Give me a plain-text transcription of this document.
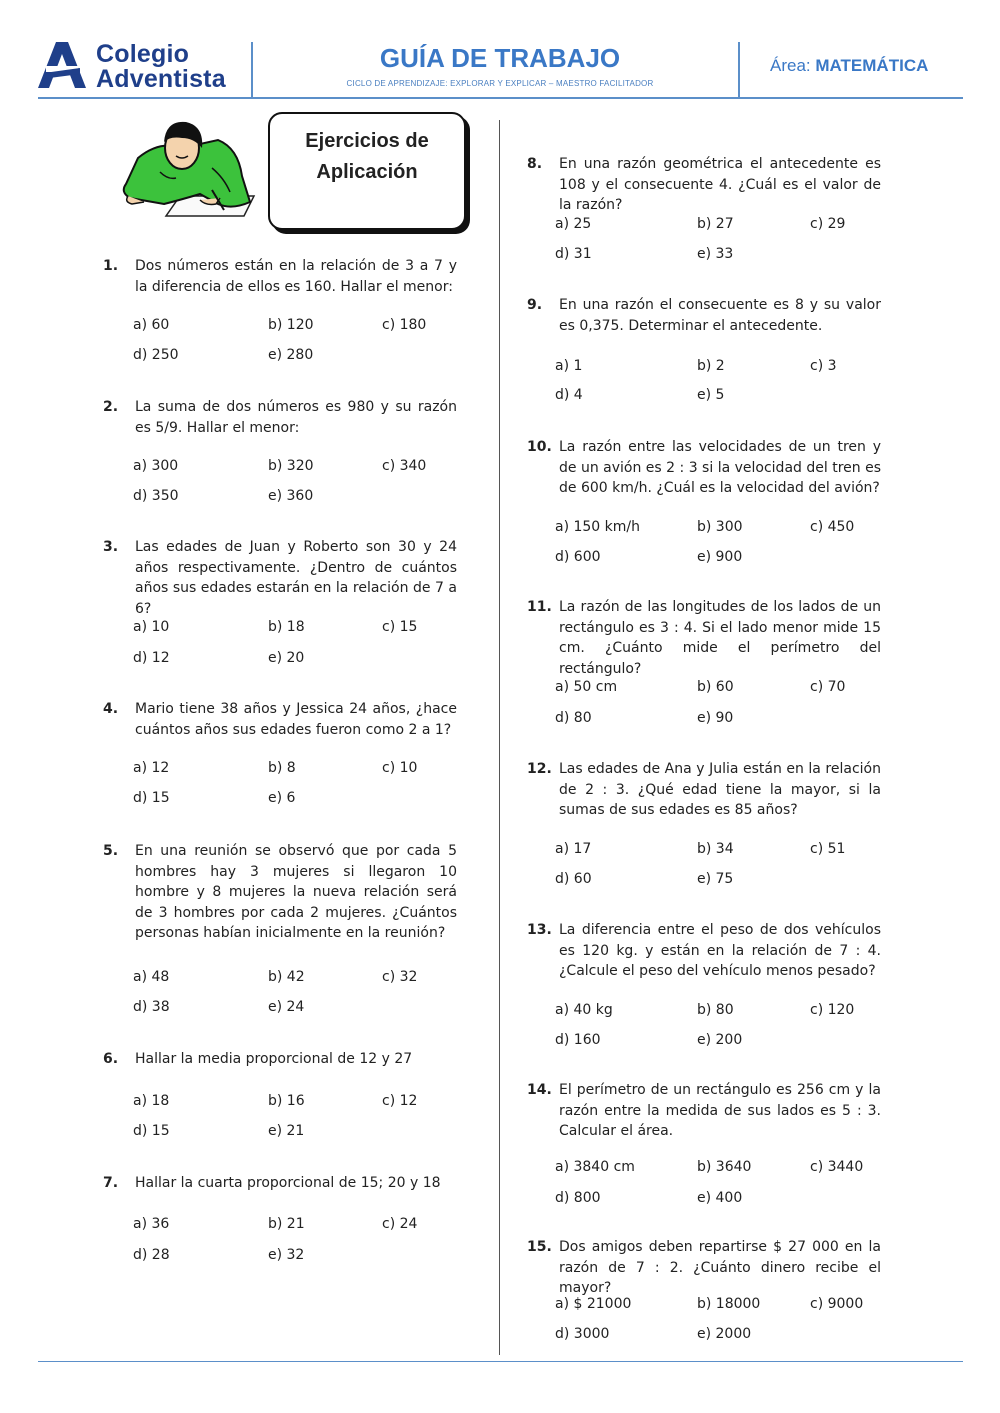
Colegio
Adventista
GUÍA DE TRABAJO
CICLO DE APRENDIZAJE: EXPLORAR Y EXPLICAR – MAESTRO FACILITADOR
Área: MATEMÁTICA
Ejercicios de
Aplicación
1. Dos números están en la relación de 3 a 7 y la diferencia de ellos es 160. Hallar el menor:
a) 60	b) 120	c) 180
d) 250	e) 280
2. La suma de dos números es 980 y su razón es 5/9. Hallar el menor:
a) 300	b) 320	c) 340
d) 350	e) 360
3. Las edades de Juan y Roberto son 30 y 24 años respectivamente. ¿Dentro de cuántos años sus edades estarán en la relación de 7 a 6?
a) 10	b) 18	c) 15
d) 12	e) 20
4. Mario tiene 38 años y Jessica 24 años, ¿hace cuántos años sus edades fueron como 2 a 1?
a) 12	b) 8	c) 10
d) 15	e) 6
5. En una reunión se observó que por cada 5 hombres hay 3 mujeres si llegaron 10 hombre y 8 mujeres la nueva relación será de 3 hombres por cada 2 mujeres. ¿Cuántos personas habían inicialmente en la reunión?
a) 48	b) 42	c) 32
d) 38	e) 24
6. Hallar la media proporcional de 12 y 27
a) 18	b) 16	c) 12
d) 15	e) 21
7. Hallar la cuarta proporcional de 15; 20 y 18
a) 36	b) 21	c) 24
d) 28	e) 32
8. En una razón geométrica el antecedente es 108 y el consecuente 4. ¿Cuál es el valor de la razón?
a) 25	b) 27	c) 29
d) 31	e) 33
9. En una razón el consecuente es 8 y su valor es 0,375. Determinar el antecedente.
a) 1	b) 2	c) 3
d) 4	e) 5
10. La razón entre las velocidades de un tren y de un avión es 2 : 3 si la velocidad del tren es de 600 km/h. ¿Cuál es la velocidad del avión?
a) 150 km/h	b) 300	c) 450
d) 600	e) 900
11. La razón de las longitudes de los lados de un rectángulo es 3 : 4. Si el lado menor mide 15 cm. ¿Cuánto mide el perímetro del rectángulo?
a) 50 cm	b) 60	c) 70
d) 80	e) 90
12. Las edades de Ana y Julia están en la relación de 2 : 3. ¿Qué edad tiene la mayor, si la sumas de sus edades es 85 años?
a) 17	b) 34	c) 51
d) 60	e) 75
13. La diferencia entre el peso de dos vehículos es 120 kg. y están en la relación de 7 : 4. ¿Calcule el peso del vehículo menos pesado?
a) 40 kg	b) 80	c) 120
d) 160	e) 200
14. El perímetro de un rectángulo es 256 cm y la razón entre la medida de sus lados es 5 : 3. Calcular el área.
a) 3840 cm	b) 3640	c) 3440
d) 800	e) 400
15. Dos amigos deben repartirse $ 27 000 en la razón de 7 : 2. ¿Cuánto dinero recibe el mayor?
a) $ 21000	b) 18000	c) 9000
d) 3000	e) 2000
